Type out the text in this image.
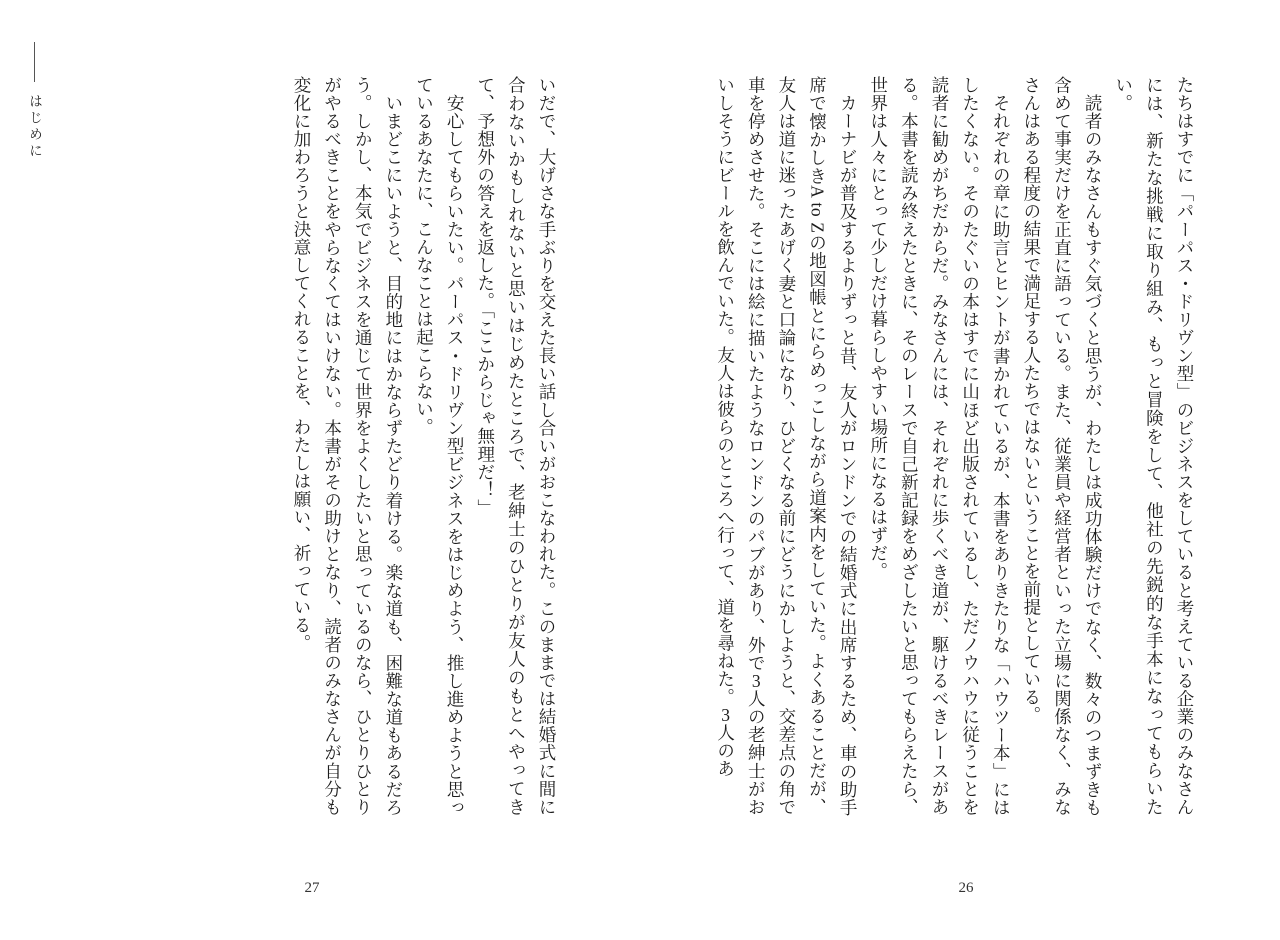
はじめに	たちはすでに「パーパス・ドリヴン型」のビジネスをしていると考えている企業のみなさんには、新たな挑戦に取り組み、もっと冒険をして、他社の先鋭的な手本になってもらいたい。

読者のみなさんもすぐ気づくと思うが、わたしは成功体験だけでなく、数々のつまずきも含めて事実だけを正直に語っている。また、従業員や経営者といった立場に関係なく、みなさんはある程度の結果で満足する人たちではないということを前提としている。

それぞれの章に助言とヒントが書かれているが、本書をありきたりな「ハウツー本」にはしたくない。そのたぐいの本はすでに山ほど出版されているし、ただノウハウに従うことを読者に勧めがちだからだ。みなさんには、それぞれに歩くべき道が、駆けるべきレースがある。本書を読み終えたときに、そのレースで自己新記録をめざしたいと思ってもらえたら、世界は人々にとって少しだけ暮らしやすい場所になるはずだ。

カーナビが普及するよりずっと昔、友人がロンドンでの結婚式に出席するため、車の助手席で懐かしきA to Zの地図帳とにらめっこしながら道案内をしていた。よくあることだが、友人は道に迷ったあげく妻と口論になり、ひどくなる前にどうにかしようと、交差点の角で車を停めさせた。そこには絵に描いたようなロンドンのパブがあり、外で3人の老紳士がおいしそうにビールを飲んでいた。友人は彼らのところへ行って、道を尋ねた。3人のあ

いだで、大げさな手ぶりを交えた長い話し合いがおこなわれた。このままでは結婚式に間に合わないかもしれないと思いはじめたところで、老紳士のひとりが友人のもとへやってきて、予想外の答えを返した。「ここからじゃ無理だ！」

安心してもらいたい。パーパス・ドリヴン型ビジネスをはじめよう、推し進めようと思っているあなたに、こんなことは起こらない。

いまどこにいようと、目的地にはかならずたどり着ける。楽な道も、困難な道もあるだろう。しかし、本気でビジネスを通じて世界をよくしたいと思っているのなら、ひとりひとりがやるべきことをやらなくてはいけない。本書がその助けとなり、読者のみなさんが自分も変化に加わろうと決意してくれることを、わたしは願い、祈っている。

26
27
